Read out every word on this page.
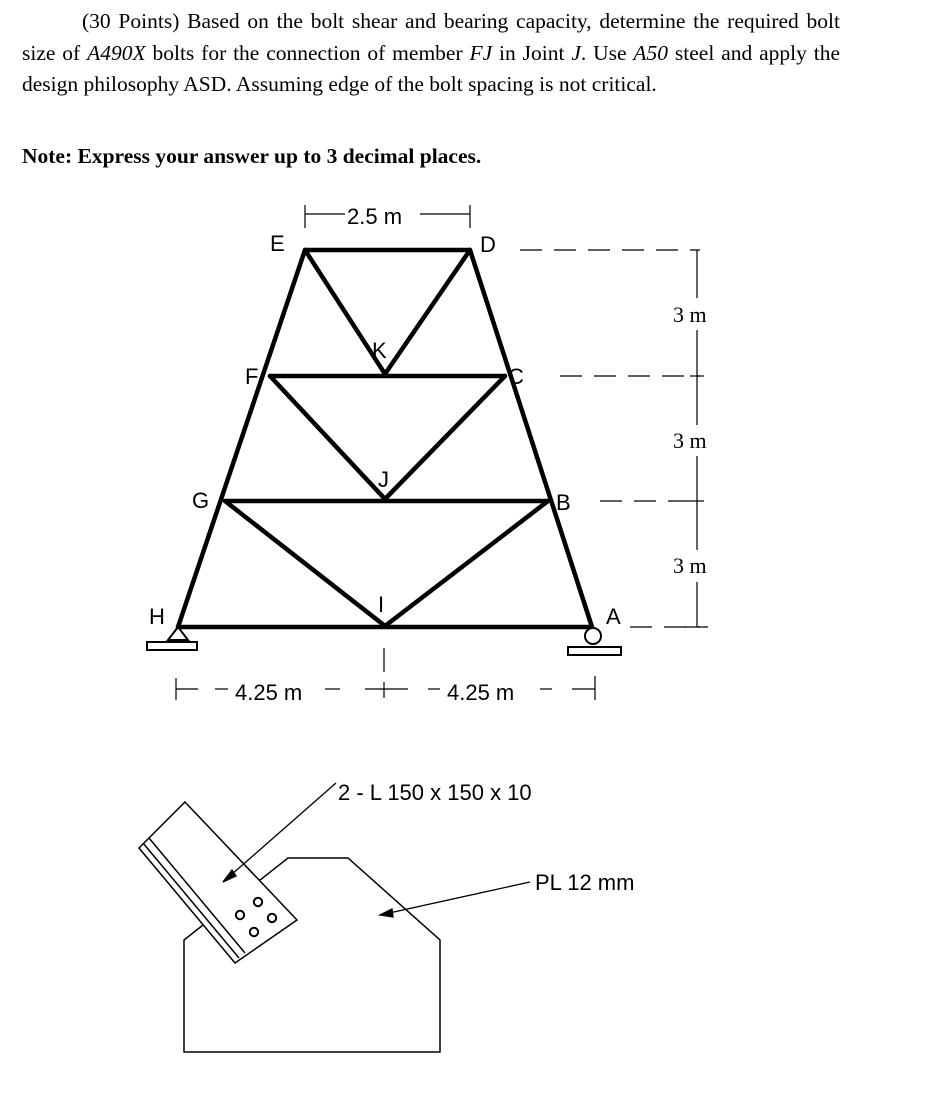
(30 Points) Based on the bolt shear and bearing capacity, determine the required bolt size of A490X bolts for the connection of member FJ in Joint J. Use A50 steel and apply the design philosophy ASD. Assuming edge of the bolt spacing is not critical.
Note: Express your answer up to 3 decimal places.
3 m
3 m
3 m
2.5 m
4.25 m	4.25 m
E	D
K
F	C
G
J
B
H	I	A
2 - L 150 x 150 x 10
PL 12 mm
